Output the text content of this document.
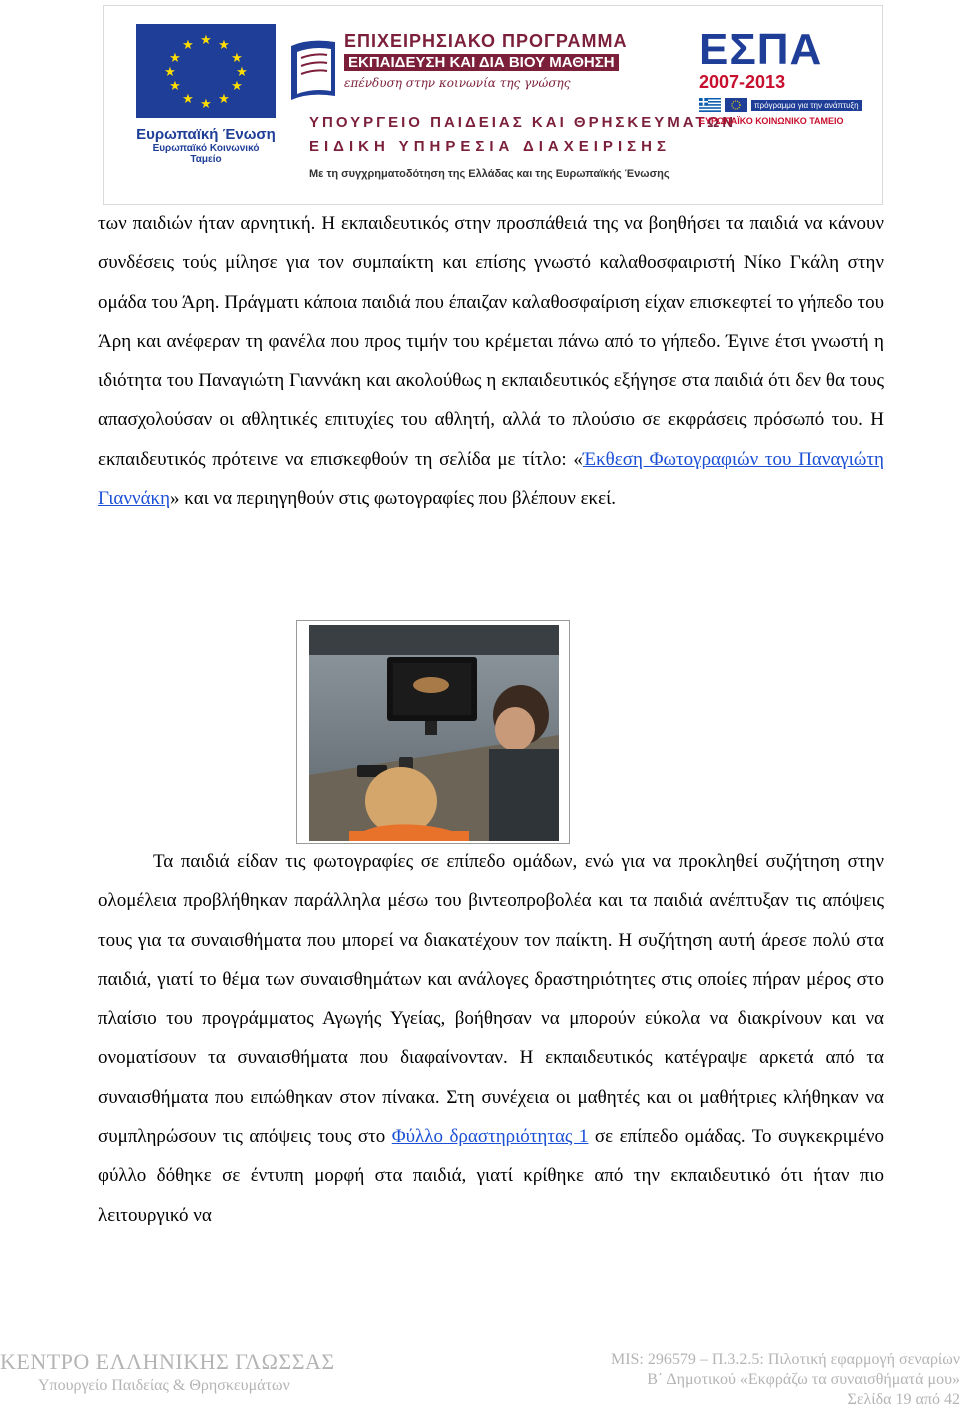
★ ★
★
★
★
★
★
★
★
★
★
★
Ευρωπαϊκή Ένωση
Ευρωπαϊκό Κοινωνικό Ταμείο
ΕΠΙΧΕΙΡΗΣΙΑΚΟ ΠΡΟΓΡΑΜΜΑ
ΕΚΠΑΙΔΕΥΣΗ ΚΑΙ ΔΙΑ ΒΙΟΥ ΜΑΘΗΣΗ
επένδυση στην κοινωνία της γνώσης
ΥΠΟΥΡΓΕΙΟ ΠΑΙΔΕΙΑΣ ΚΑΙ ΘΡΗΣΚΕΥΜΑΤΩΝ
ΕΙΔΙΚΗ ΥΠΗΡΕΣΙΑ ΔΙΑΧΕΙΡΙΣΗΣ
Με τη συγχρηματοδότηση της Ελλάδας και της Ευρωπαϊκής Ένωσης
ΕΣΠΑ
2007-2013
πρόγραμμα για την ανάπτυξη
ΕΥΡΩΠΑΪΚΟ ΚΟΙΝΩΝΙΚΟ ΤΑΜΕΙΟ
των παιδιών ήταν αρνητική. Η εκπαιδευτικός στην προσπάθειά της να βοηθήσει τα παιδιά να κάνουν συνδέσεις τούς μίλησε για τον συμπαίκτη και επίσης γνωστό καλαθοσφαιριστή Νίκο Γκάλη στην ομάδα του Άρη. Πράγματι κάποια παιδιά που έπαιζαν καλαθοσφαίριση είχαν επισκεφτεί το γήπεδο του Άρη και ανέφεραν τη φανέλα που προς τιμήν του κρέμεται πάνω από το γήπεδο. Έγινε έτσι γνωστή η ιδιότητα του Παναγιώτη Γιαννάκη και ακολούθως η εκπαιδευτικός εξήγησε στα παιδιά ότι δεν θα τους απασχολούσαν οι αθλητικές επιτυχίες του αθλητή, αλλά το πλούσιο σε εκφράσεις πρόσωπό του. Η εκπαιδευτικός πρότεινε να επισκεφθούν τη σελίδα με τίτλο: «Έκθεση Φωτογραφιών του Παναγιώτη Γιαννάκη» και να περιηγηθούν στις φωτογραφίες που βλέπουν εκεί.
Τα παιδιά είδαν τις φωτογραφίες σε επίπεδο ομάδων, ενώ για να προκληθεί συζήτηση στην ολομέλεια προβλήθηκαν παράλληλα μέσω του βιντεοπροβολέα και τα παιδιά ανέπτυξαν τις απόψεις τους για τα συναισθήματα που μπορεί να διακατέχουν τον παίκτη. Η συζήτηση αυτή άρεσε πολύ στα παιδιά, γιατί το θέμα των συναισθημάτων και ανάλογες δραστηριότητες στις οποίες πήραν μέρος στο πλαίσιο του προγράμματος Αγωγής Υγείας, βοήθησαν να μπορούν εύκολα να διακρίνουν και να ονοματίσουν τα συναισθήματα που διαφαίνονταν. Η εκπαιδευτικός κατέγραψε αρκετά από τα συναισθήματα που ειπώθηκαν στον πίνακα. Στη συνέχεια οι μαθητές και οι μαθήτριες κλήθηκαν να συμπληρώσουν τις απόψεις τους στο Φύλλο δραστηριότητας 1 σε επίπεδο ομάδας. Το συγκεκριμένο φύλλο δόθηκε σε έντυπη μορφή στα παιδιά, γιατί κρίθηκε από την εκπαιδευτικό ότι ήταν πιο λειτουργικό να
ΚΕΝΤΡΟ ΕΛΛΗΝΙΚΗΣ ΓΛΩΣΣΑΣ
Υπουργείο Παιδείας & Θρησκευμάτων
MIS: 296579 – Π.3.2.5: Πιλοτική εφαρμογή σεναρίων
Β΄ Δημοτικού «Εκφράζω τα συναισθήματά μου»
Σελίδα 19 από 42
